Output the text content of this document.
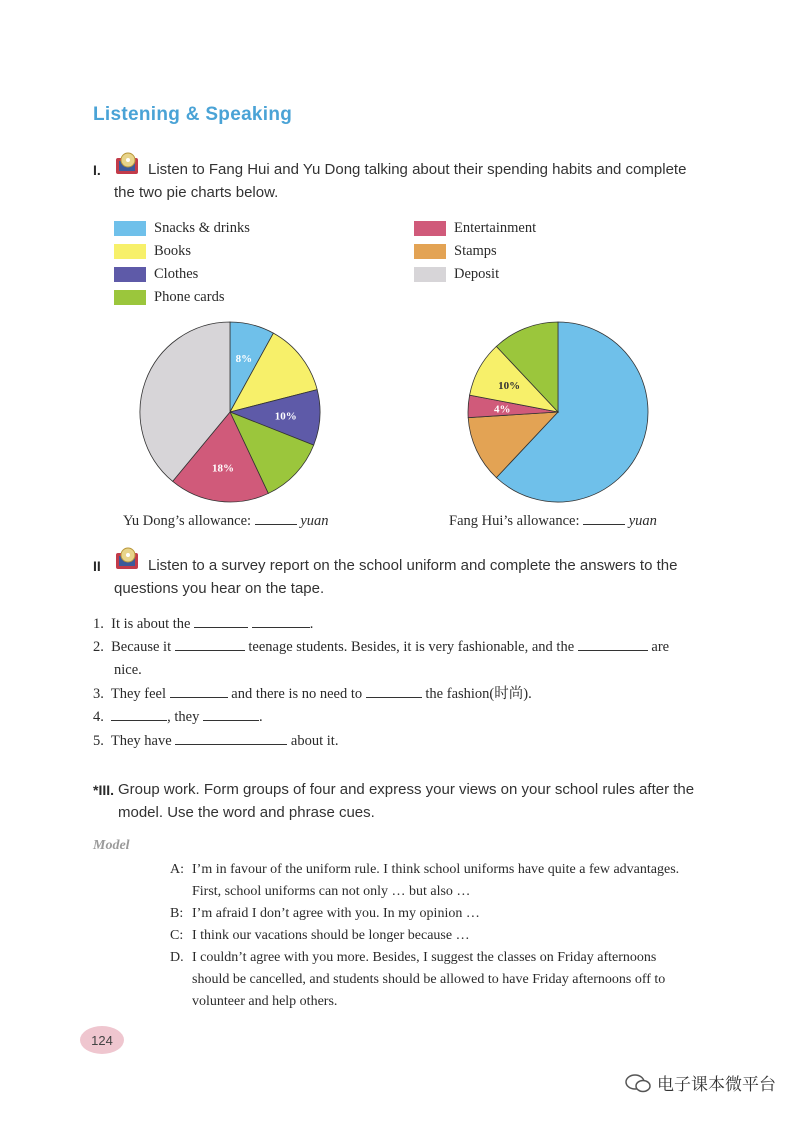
Listening & Speaking
I.	Listen to Fang Hui and Yu Dong talking about their spending habits and complete
the two pie charts below.
Snacks & drinks
Books
Clothes
Phone cards
Entertainment
Stamps
Deposit
8%
10%
18%
4%
10%
Yu Dong’s allowance:	yuan	Fang Hui’s allowance:	yuan
II	Listen to a survey report on the school uniform and complete the answers to the
questions you hear on the tape.
1. It is about the	.
2. Because it	teenage students. Besides, it is very fashionable, and the	are
nice.
3. They feel	and there is no need to	the fashion(时尚).
4.	, they	.
5. They have	about it.
*III. Group work. Form groups of four and express your views on your school rules after the
model. Use the word and phrase cues.
Model
A: I’m in favour of the uniform rule. I think school uniforms have quite a few advantages.
First, school uniforms can not only … but also …
B: I’m afraid I don’t agree with you. In my opinion …
C: I think our vacations should be longer because …
D. I couldn’t agree with you more. Besides, I suggest the classes on Friday afternoons
should be cancelled, and students should be allowed to have Friday afternoons off to
volunteer and help others.
124
电子课本微平台
